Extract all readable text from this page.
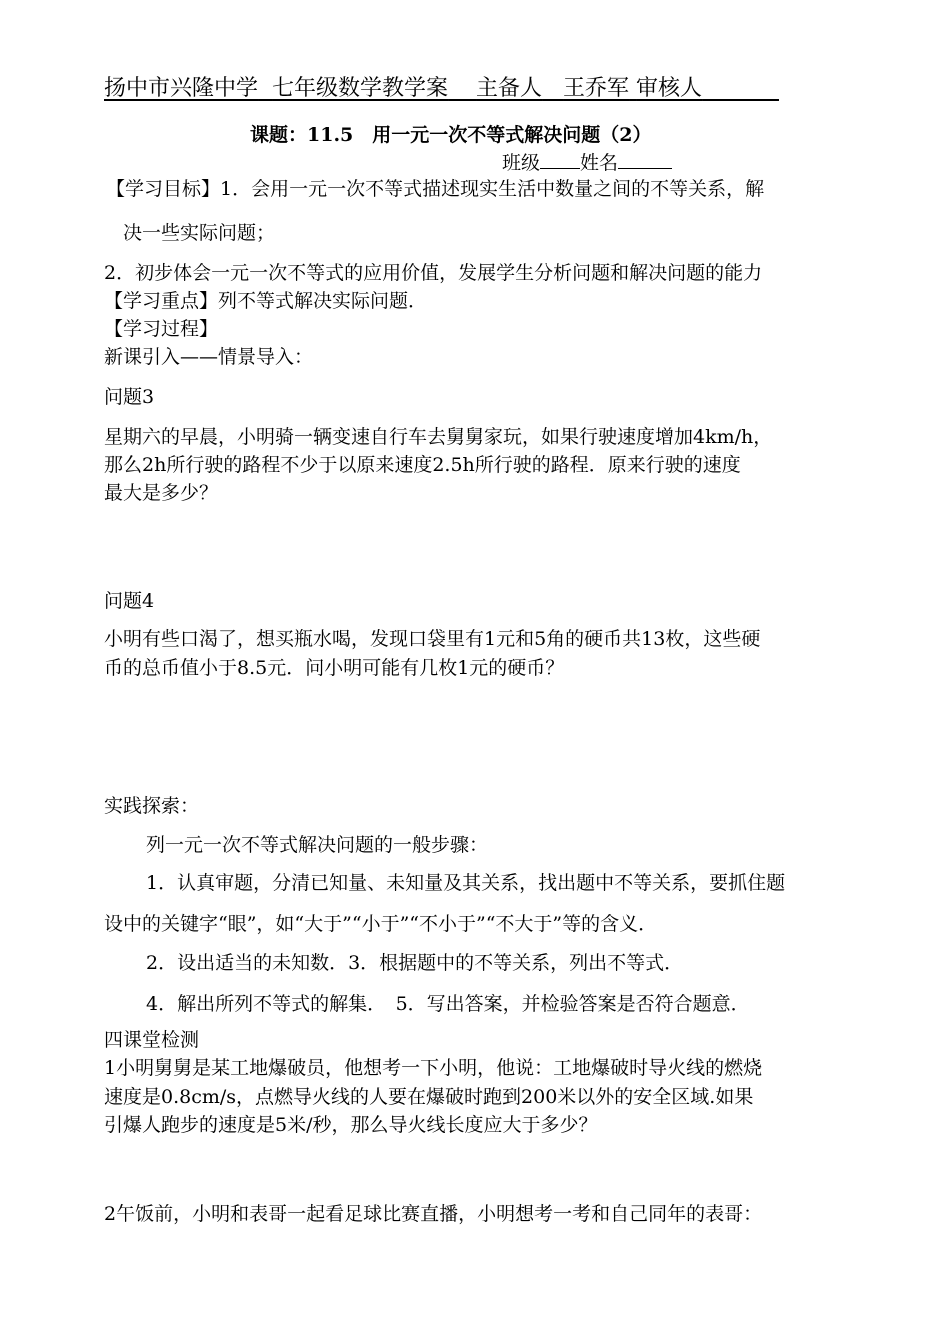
扬中市兴隆中学 七年级数学教学案 主备人 王乔军 审核人
课题：11.5　用一元一次不等式解决问题（2）
班级 姓名
【学习目标】1．会用一元一次不等式描述现实生活中数量之间的不等关系，解
决一些实际问题；
2．初步体会一元一次不等式的应用价值，发展学生分析问题和解决问题的能力
【学习重点】列不等式解决实际问题．
【学习过程】
新课引入——情景导入：
问题3
星期六的早晨，小明骑一辆变速自行车去舅舅家玩，如果行驶速度增加4km/h，
那么2h所行驶的路程不少于以原来速度2.5h所行驶的路程．原来行驶的速度
最大是多少？
问题4
小明有些口渴了，想买瓶水喝，发现口袋里有1元和5角的硬币共13枚，这些硬
币的总币值小于8.5元．问小明可能有几枚1元的硬币？
实践探索：
列一元一次不等式解决问题的一般步骤：
1．认真审题，分清已知量、未知量及其关系，找出题中不等关系，要抓住题
设中的关键字“眼”，如“大于”“小于”“不小于”“不大于”等的含义．
2．设出适当的未知数．3．根据题中的不等关系，列出不等式．
4．解出所列不等式的解集．　5．写出答案，并检验答案是否符合题意．
四课堂检测
1小明舅舅是某工地爆破员，他想考一下小明，他说：工地爆破时导火线的燃烧
速度是0.8cm/s，点燃导火线的人要在爆破时跑到200米以外的安全区域.如果
引爆人跑步的速度是5米/秒，那么导火线长度应大于多少？
2午饭前，小明和表哥一起看足球比赛直播，小明想考一考和自己同年的表哥：
